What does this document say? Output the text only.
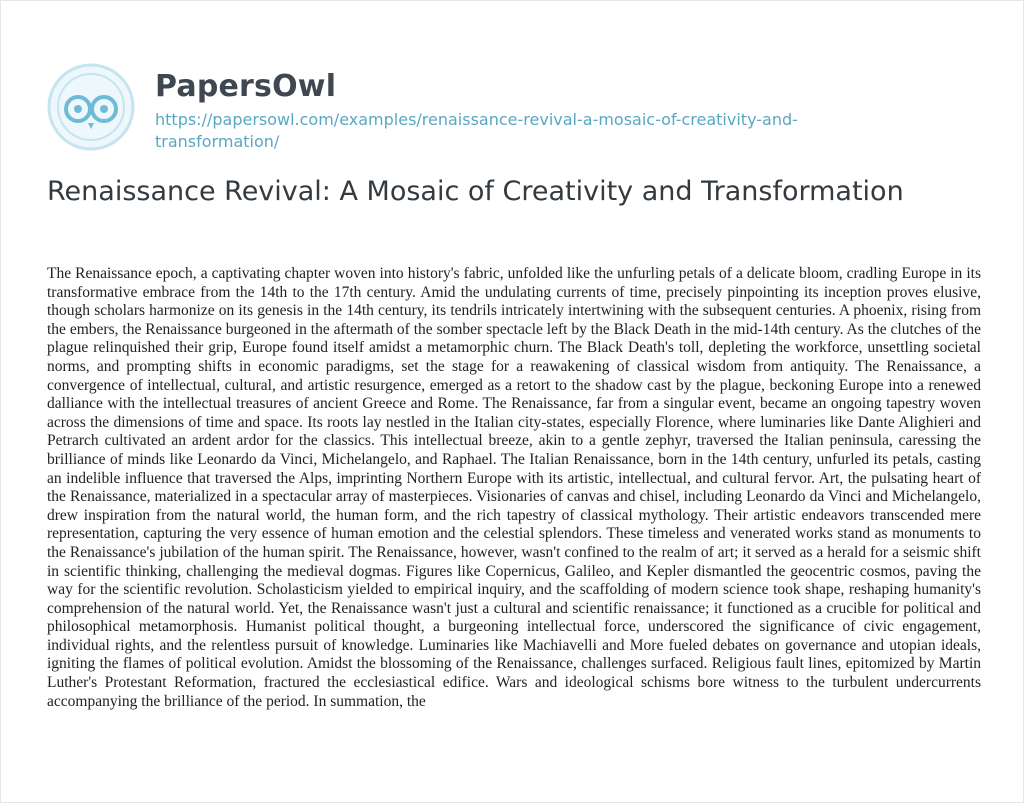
PapersOwl
https://papersowl.com/examples/renaissance-revival-a-mosaic-of-creativity-and-transformation/
Renaissance Revival: A Mosaic of Creativity and Transformation

The Renaissance epoch, a captivating chapter woven into history's fabric, unfolded like the unfurling petals of a delicate bloom, cradling Europe in its transformative embrace from the 14th to the 17th century. Amid the undulating currents of time, precisely pinpointing its inception proves elusive, though scholars harmonize on its genesis in the 14th century, its tendrils intricately intertwining with the subsequent centuries. A phoenix, rising from the embers, the Renaissance burgeoned in the aftermath of the somber spectacle left by the Black Death in the mid-14th century. As the clutches of the plague relinquished their grip, Europe found itself amidst a metamorphic churn. The Black Death's toll, depleting the workforce, unsettling societal norms, and prompting shifts in economic paradigms, set the stage for a reawakening of classical wisdom from antiquity. The Renaissance, a convergence of intellectual, cultural, and artistic resurgence, emerged as a retort to the shadow cast by the plague, beckoning Europe into a renewed dalliance with the intellectual treasures of ancient Greece and Rome. The Renaissance, far from a singular event, became an ongoing tapestry woven across the dimensions of time and space. Its roots lay nestled in the Italian city-states, especially Florence, where luminaries like Dante Alighieri and Petrarch cultivated an ardent ardor for the classics. This intellectual breeze, akin to a gentle zephyr, traversed the Italian peninsula, caressing the brilliance of minds like Leonardo da Vinci, Michelangelo, and Raphael. The Italian Renaissance, born in the 14th century, unfurled its petals, casting an indelible influence that traversed the Alps, imprinting Northern Europe with its artistic, intellectual, and cultural fervor. Art, the pulsating heart of the Renaissance, materialized in a spectacular array of masterpieces. Visionaries of canvas and chisel, including Leonardo da Vinci and Michelangelo, drew inspiration from the natural world, the human form, and the rich tapestry of classical mythology. Their artistic endeavors transcended mere representation, capturing the very essence of human emotion and the celestial splendors. These timeless and venerated works stand as monuments to the Renaissance's jubilation of the human spirit. The Renaissance, however, wasn't confined to the realm of art; it served as a herald for a seismic shift in scientific thinking, challenging the medieval dogmas. Figures like Copernicus, Galileo, and Kepler dismantled the geocentric cosmos, paving the way for the scientific revolution. Scholasticism yielded to empirical inquiry, and the scaffolding of modern science took shape, reshaping humanity's comprehension of the natural world. Yet, the Renaissance wasn't just a cultural and scientific renaissance; it functioned as a crucible for political and philosophical metamorphosis. Humanist political thought, a burgeoning intellectual force, underscored the significance of civic engagement, individual rights, and the relentless pursuit of knowledge. Luminaries like Machiavelli and More fueled debates on governance and utopian ideals, igniting the flames of political evolution. Amidst the blossoming of the Renaissance, challenges surfaced. Religious fault lines, epitomized by Martin Luther's Protestant Reformation, fractured the ecclesiastical edifice. Wars and ideological schisms bore witness to the turbulent undercurrents accompanying the brilliance of the period. In summation, the
